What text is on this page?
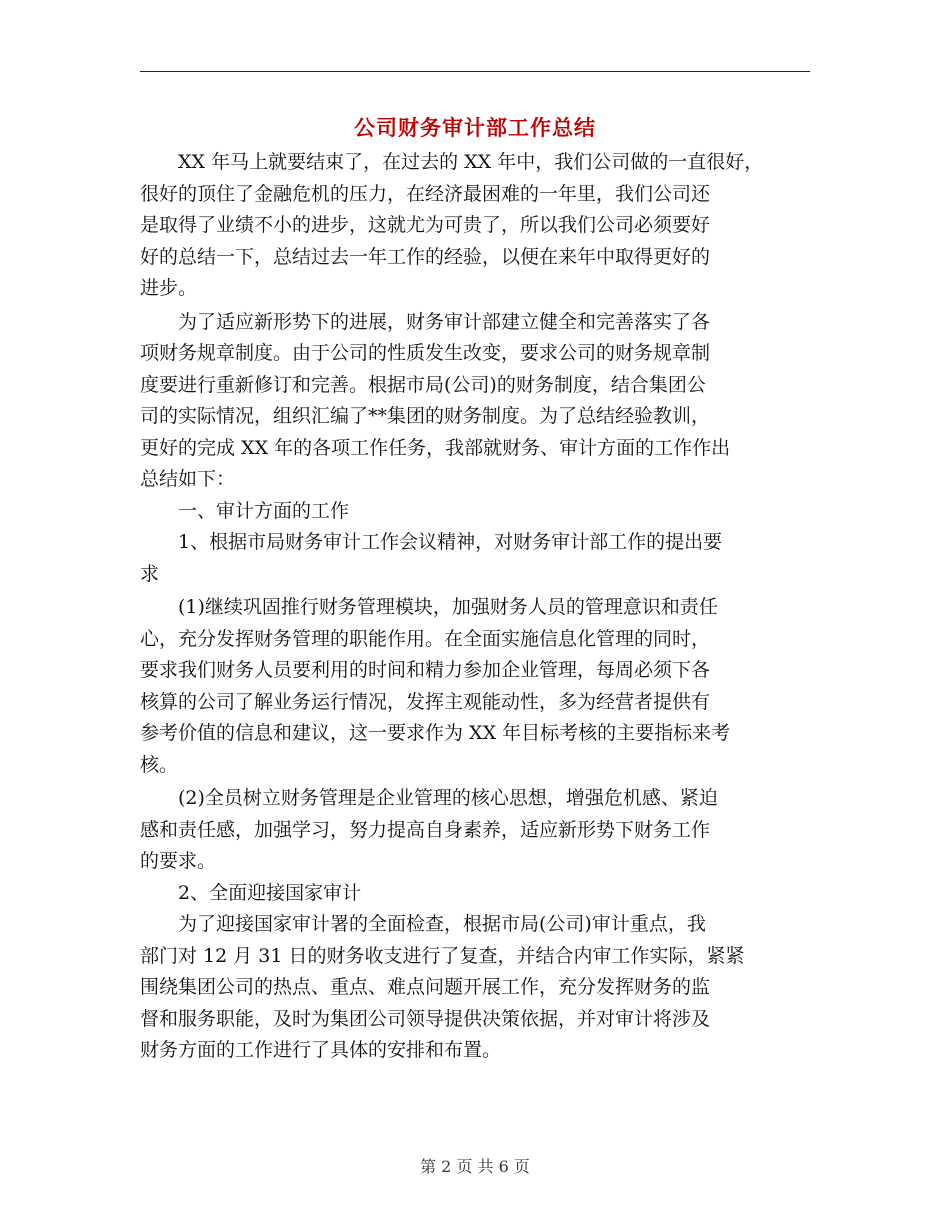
公司财务审计部工作总结
　　XX 年马上就要结束了，在过去的 XX 年中，我们公司做的一直很好，
很好的顶住了金融危机的压力，在经济最困难的一年里，我们公司还
是取得了业绩不小的进步，这就尤为可贵了，所以我们公司必须要好
好的总结一下，总结过去一年工作的经验，以便在来年中取得更好的
进步。
　　为了适应新形势下的进展，财务审计部建立健全和完善落实了各
项财务规章制度。由于公司的性质发生改变，要求公司的财务规章制
度要进行重新修订和完善。根据市局(公司)的财务制度，结合集团公
司的实际情况，组织汇编了**集团的财务制度。为了总结经验教训，
更好的完成 XX 年的各项工作任务，我部就财务、审计方面的工作作出
总结如下：
　　一、审计方面的工作
　　1、根据市局财务审计工作会议精神，对财务审计部工作的提出要
求
　　(1)继续巩固推行财务管理模块，加强财务人员的管理意识和责任
心，充分发挥财务管理的职能作用。在全面实施信息化管理的同时，
要求我们财务人员要利用的时间和精力参加企业管理，每周必须下各
核算的公司了解业务运行情况，发挥主观能动性，多为经营者提供有
参考价值的信息和建议，这一要求作为 XX 年目标考核的主要指标来考
核。
　　(2)全员树立财务管理是企业管理的核心思想，增强危机感、紧迫
感和责任感，加强学习，努力提高自身素养，适应新形势下财务工作
的要求。
　　2、全面迎接国家审计
　　为了迎接国家审计署的全面检查，根据市局(公司)审计重点，我
部门对 12 月 31 日的财务收支进行了复查，并结合内审工作实际，紧紧
围绕集团公司的热点、重点、难点问题开展工作，充分发挥财务的监
督和服务职能，及时为集团公司领导提供决策依据，并对审计将涉及
财务方面的工作进行了具体的安排和布置。
第 2 页 共 6 页
